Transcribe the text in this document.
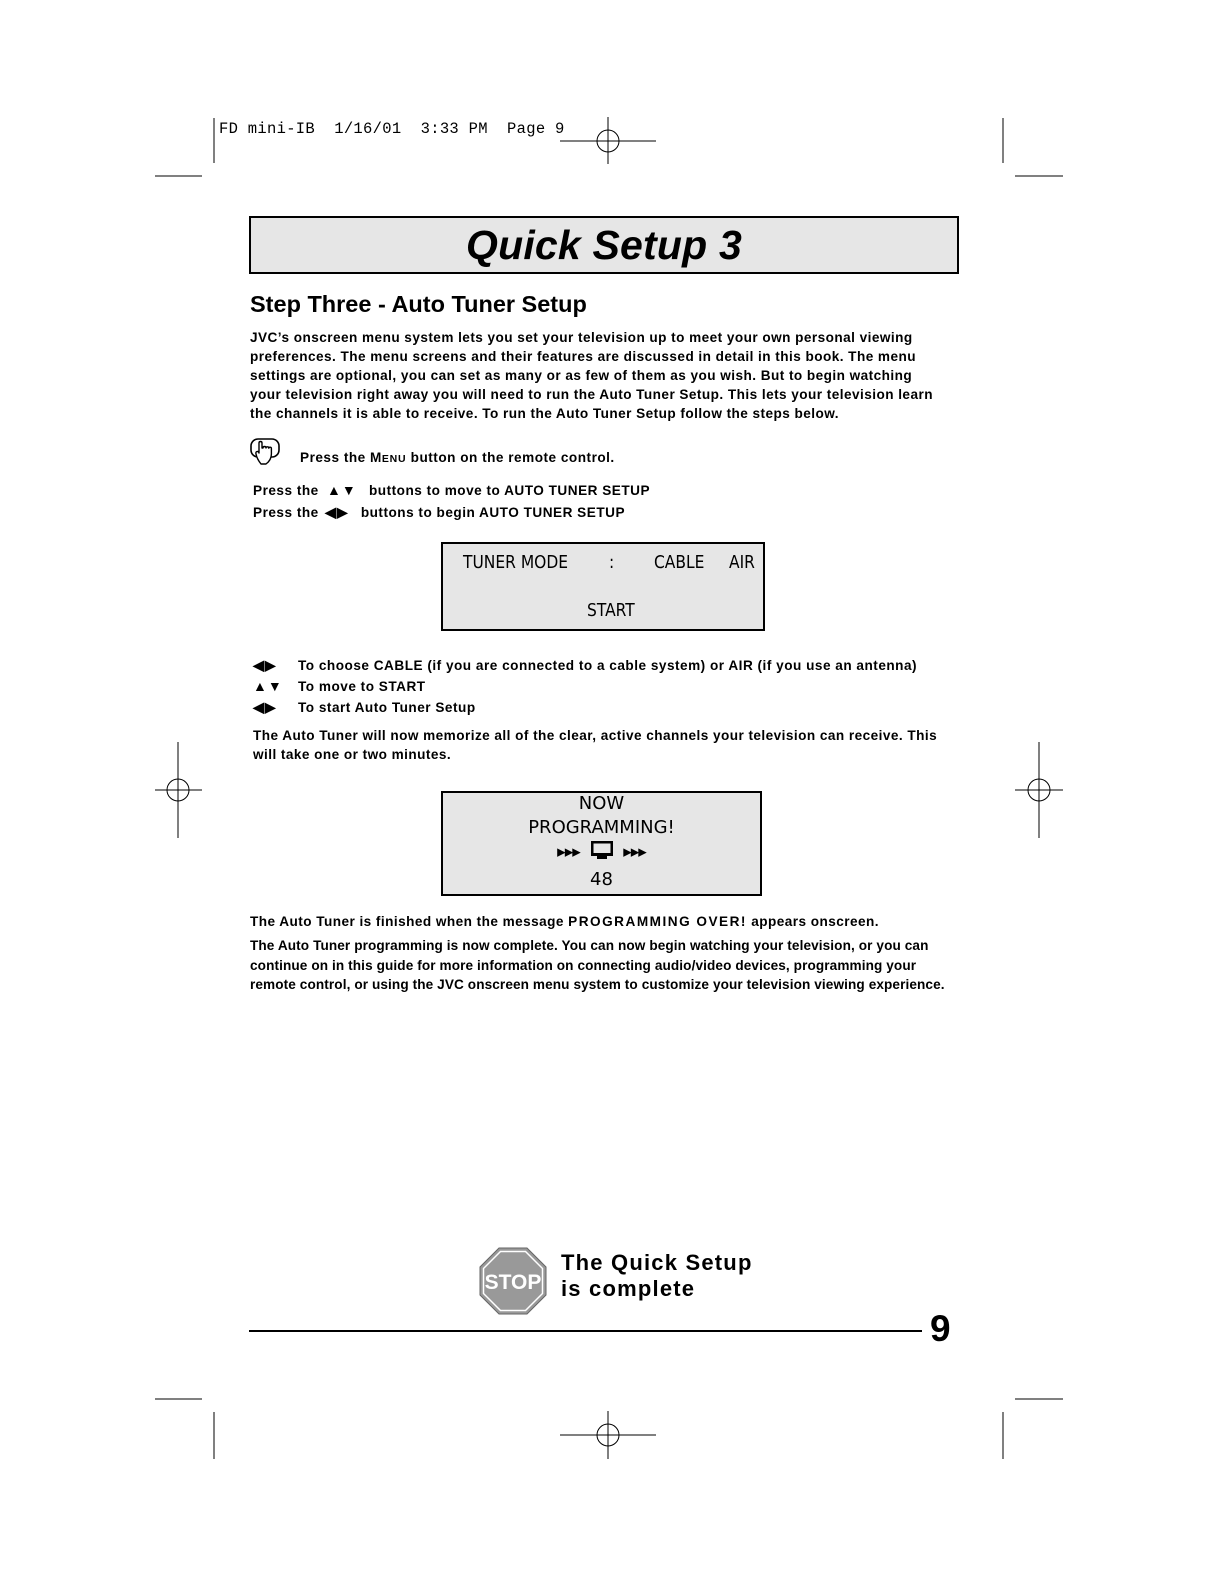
FD mini-IB  1/16/01  3:33 PM  Page 9
Quick Setup 3
Step Three - Auto Tuner Setup
JVC’s onscreen menu system lets you set your television up to meet your own personal viewing
preferences. The menu screens and their features are discussed in detail in this book. The menu
settings are optional, you can set as many or as few of them as you wish. But to begin watching
your television right away you will need to run the Auto Tuner Setup. This lets your television learn
the channels it is able to receive. To run the Auto Tuner Setup follow the steps below.
Press the MENU button on the remote control.
Press the ▲▼ buttons to move to AUTO TUNER SETUP
Press the ◀▶ buttons to begin AUTO TUNER SETUP
TUNER MODE : CABLE AIR
START
◀▶ To choose CABLE (if you are connected to a cable system) or AIR (if you use an antenna)
▲▼ To move to START
◀▶ To start Auto Tuner Setup
The Auto Tuner will now memorize all of the clear, active channels your television can receive. This
will take one or two minutes.
NOW
PROGRAMMING!
▸▸▸	▸▸▸
48
The Auto Tuner is finished when the message PROGRAMMING OVER! appears onscreen.
The Auto Tuner programming is now complete. You can now begin watching your television, or you can
continue on in this guide for more information on connecting audio/video devices, programming your
remote control, or using the JVC onscreen menu system to customize your television viewing experience.
STOP
The Quick Setup
is complete
9
